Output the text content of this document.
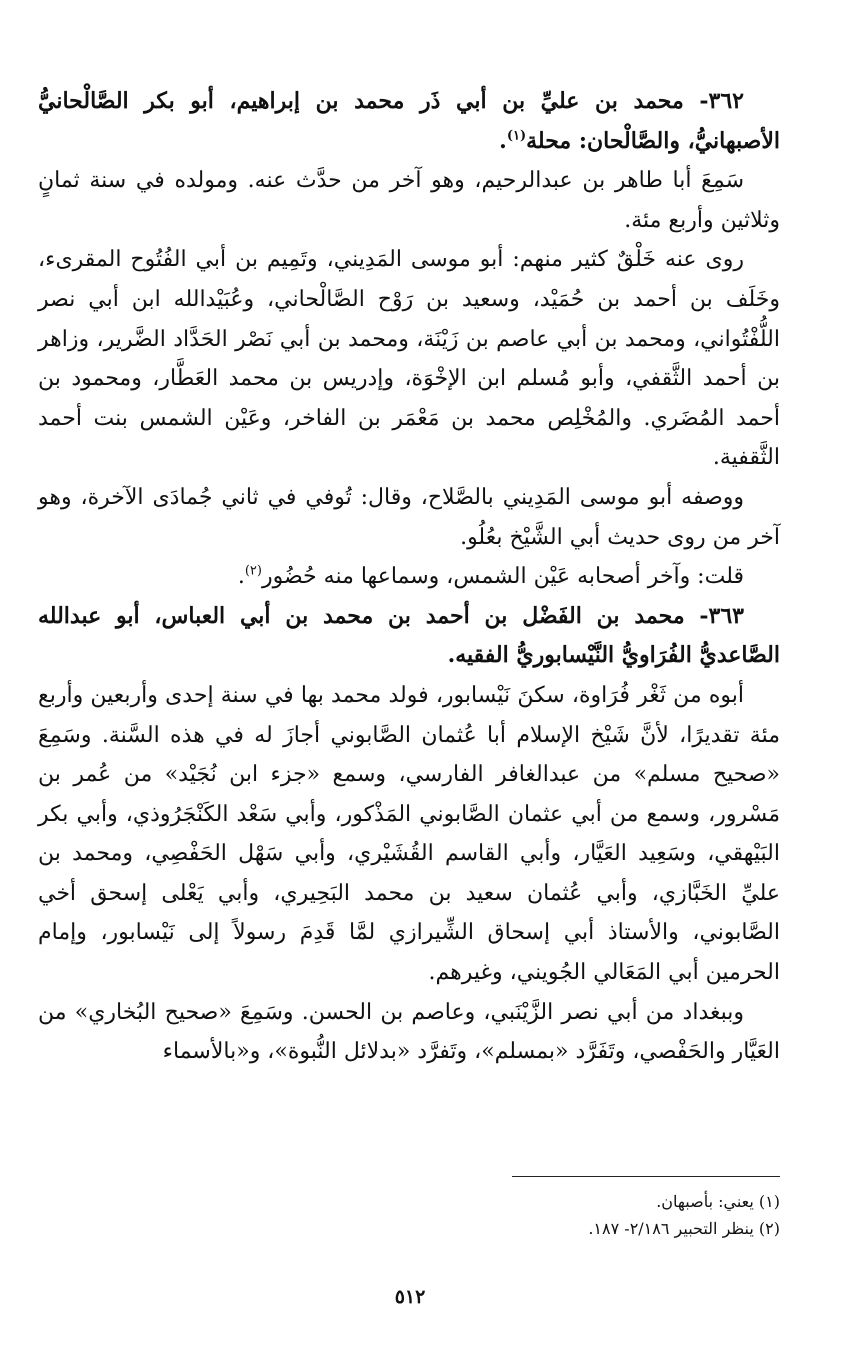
٣٦٢- محمد بن عليِّ بن أبي ذَر محمد بن إبراهيم، أبو بكر الصَّالْحانيُّ الأصبهانيُّ، والصَّالْحان: محلة$^{(١)}$.

سَمِعَ أبا طاهر بن عبدالرحيم، وهو آخر من حدَّث عنه. ومولده في سنة ثمانٍ وثلاثين وأربع مئة.

روى عنه خَلْقٌ كثير منهم: أبو موسى المَدِيني، وتَمِيم بن أبي الفُتُوح المقرىء، وخَلَف بن أحمد بن حُمَيْد، وسعيد بن رَوْح الصَّالْحاني، وعُبَيْدالله ابن أبي نصر اللُّفْتُواني، ومحمد بن أبي عاصم بن زَيْنَة، ومحمد بن أبي نَصْر الحَدَّاد الضَّرير، وزاهر بن أحمد الثَّقفي، وأبو مُسلم ابن الإخْوَة، وإدريس بن محمد العَطَّار، ومحمود بن أحمد المُضَري. والمُخْلِص محمد بن مَعْمَر بن الفاخر، وعَيْن الشمس بنت أحمد الثَّقفية.

ووصفه أبو موسى المَدِيني بالصَّلاح، وقال: تُوفي في ثاني جُمادَى الآخرة، وهو آخر من روى حديث أبي الشَّيْخ بعُلُو.

قلت: وآخر أصحابه عَيْن الشمس، وسماعها منه حُضُور$^{(٢)}$.

٣٦٣- محمد بن الفَضْل بن أحمد بن محمد بن أبي العباس، أبو عبدالله الصَّاعديُّ الفُرَاويُّ النَّيْسابوريُّ الفقيه.

أبوه من ثَغْر فُرَاوة، سكنَ نَيْسابور، فولد محمد بها في سنة إحدى وأربعين وأربع مئة تقديرًا، لأنَّ شَيْخ الإسلام أبا عُثمان الصَّابوني أجازَ له في هذه السَّنة. وسَمِعَ «صحيح مسلم» من عبدالغافر الفارسي، وسمع «جزء ابن نُجَيْد» من عُمر بن مَسْرور، وسمع من أبي عثمان الصَّابوني المَذْكور، وأبي سَعْد الكَنْجَرُوذي، وأبي بكر البَيْهقي، وسَعِيد العَيَّار، وأبي القاسم القُشَيْري، وأبي سَهْل الحَفْصِي، ومحمد بن عليِّ الخَبَّازي، وأبي عُثمان سعيد بن محمد البَحِيري، وأبي يَعْلى إسحق أخي الصَّابوني، والأستاذ أبي إسحاق الشِّيرازي لمَّا قَدِمَ رسولاً إلى نَيْسابور، وإمام الحرمين أبي المَعَالي الجُويني، وغيرهم.

وببغداد من أبي نصر الزَّيْنَبي، وعاصم بن الحسن. وسَمِعَ «صحيح البُخاري» من العَيَّار والحَفْصي، وتَفَرَّد «بمسلم»، وتَفرَّد «بدلائل النُّبوة»، و«بالأسماء

(١) يعني: بأصبهان.

(٢) ينظر التحبير ٢/١٨٦- ١٨٧.

٥١٢
